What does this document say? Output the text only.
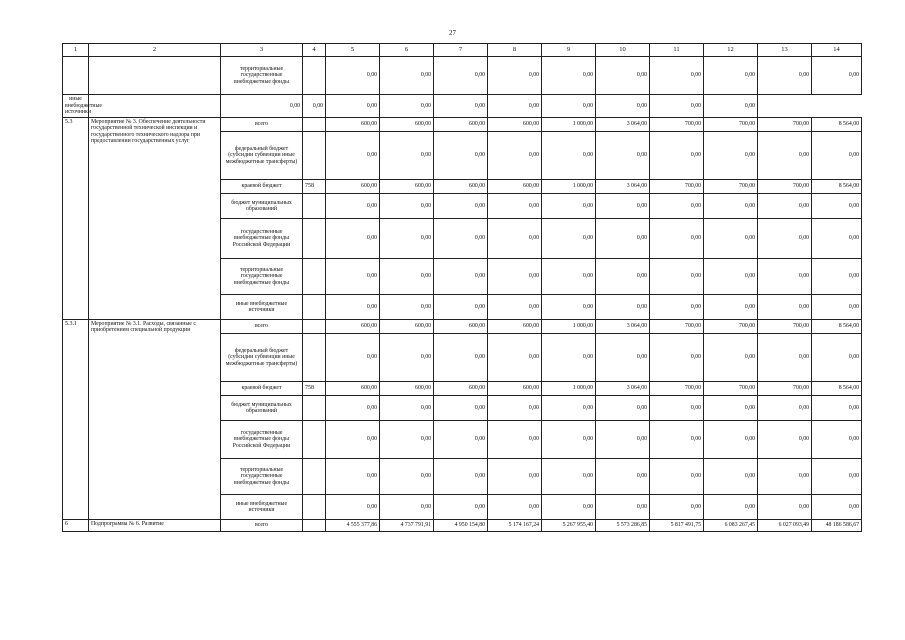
27
1	2	3	4	5	6	7	8	9	10	11	12	13	14
		территориальные государственные внебюджетные фонды		0,00	0,00	0,00	0,00	0,00	0,00	0,00	0,00	0,00	0,00
иные внебюджетные источники		0,00	0,00	0,00	0,00	0,00	0,00	0,00	0,00	0,00	0,00		
5.3	Мероприятие № 3. Обеспечение деятельности государственной технической инспекции и государственного технического надзора при предоставлении государственных услуг	всего		600,00	600,00	600,00	600,00	1 000,00	3 064,00	700,00	700,00	700,00	8 564,00
		федеральный бюджет (субсидии субвенции иные межбюджетные трансферты)		0,00	0,00	0,00	0,00	0,00	0,00	0,00	0,00	0,00	0,00
		краевой бюджет	758	600,00	600,00	600,00	600,00	1 000,00	3 064,00	700,00	700,00	700,00	8 564,00
		бюджет муниципальных образований		0,00	0,00	0,00	0,00	0,00	0,00	0,00	0,00	0,00	0,00
		государственные внебюджетные фонды Российской Федерации		0,00	0,00	0,00	0,00	0,00	0,00	0,00	0,00	0,00	0,00
		территориальные государственные внебюджетные фонды		0,00	0,00	0,00	0,00	0,00	0,00	0,00	0,00	0,00	0,00
		иные внебюджетные источники		0,00	0,00	0,00	0,00	0,00	0,00	0,00	0,00	0,00	0,00
5.3.1	Мероприятие № 3.1. Расходы, связанные с приобретением специальной продукции	всего		600,00	600,00	600,00	600,00	1 000,00	3 064,00	700,00	700,00	700,00	8 564,00
		федеральный бюджет (субсидии субвенции иные межбюджетные трансферты)		0,00	0,00	0,00	0,00	0,00	0,00	0,00	0,00	0,00	0,00
		краевой бюджет	758	600,00	600,00	600,00	600,00	1 000,00	3 064,00	700,00	700,00	700,00	8 564,00
		бюджет муниципальных образований		0,00	0,00	0,00	0,00	0,00	0,00	0,00	0,00	0,00	0,00
		государственные внебюджетные фонды Российской Федерации		0,00	0,00	0,00	0,00	0,00	0,00	0,00	0,00	0,00	0,00
		территориальные государственные внебюджетные фонды		0,00	0,00	0,00	0,00	0,00	0,00	0,00	0,00	0,00	0,00
		иные внебюджетные источники		0,00	0,00	0,00	0,00	0,00	0,00	0,00	0,00	0,00	0,00
6	Подпрограмма № 6. Развитие	всего		4 555 377,86	4 737 791,91	4 950 154,80	5 174 167,24	5 267 955,40	5 573 286,85	5 817 491,75	6 083 267,45	6 027 093,49	48 186 586,67
